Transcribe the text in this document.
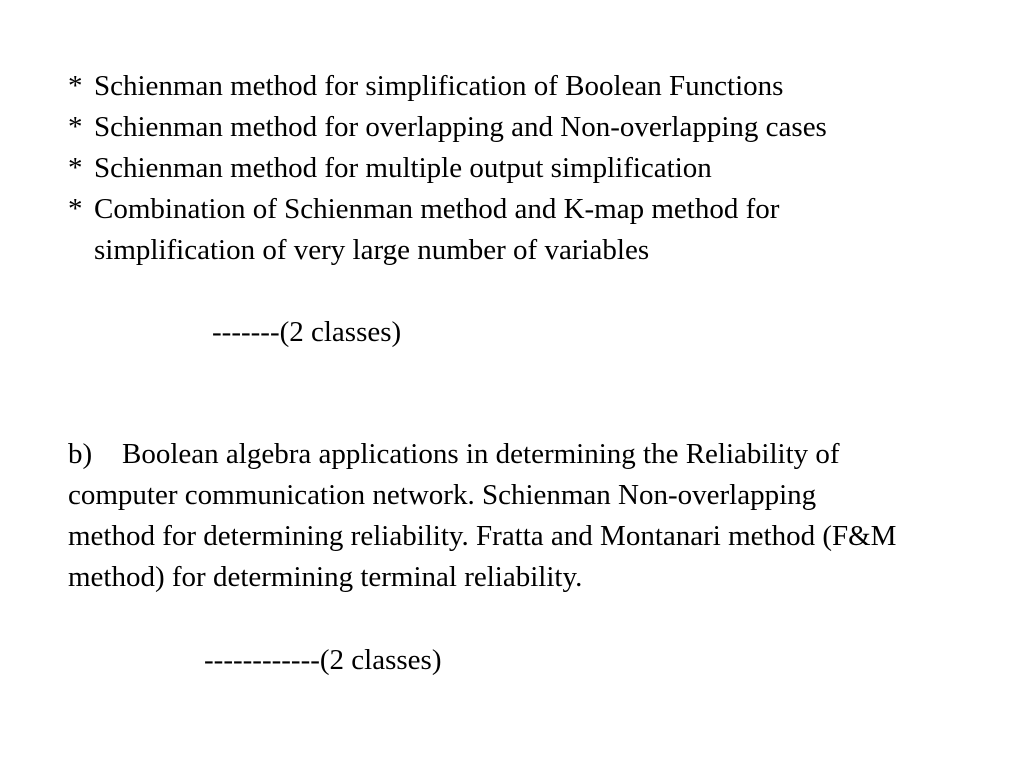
* Schienman method for simplification of Boolean Functions
* Schienman method for overlapping and Non-overlapping cases
* Schienman method for multiple output simplification
* Combination of Schienman method and K-map method for
simplification of very large number of variables
-------(2 classes)
b) Boolean algebra applications in determining the Reliability of
computer communication network. Schienman Non-overlapping
method for determining reliability. Fratta and Montanari method (F&M
method) for determining terminal reliability.
------------(2 classes)
